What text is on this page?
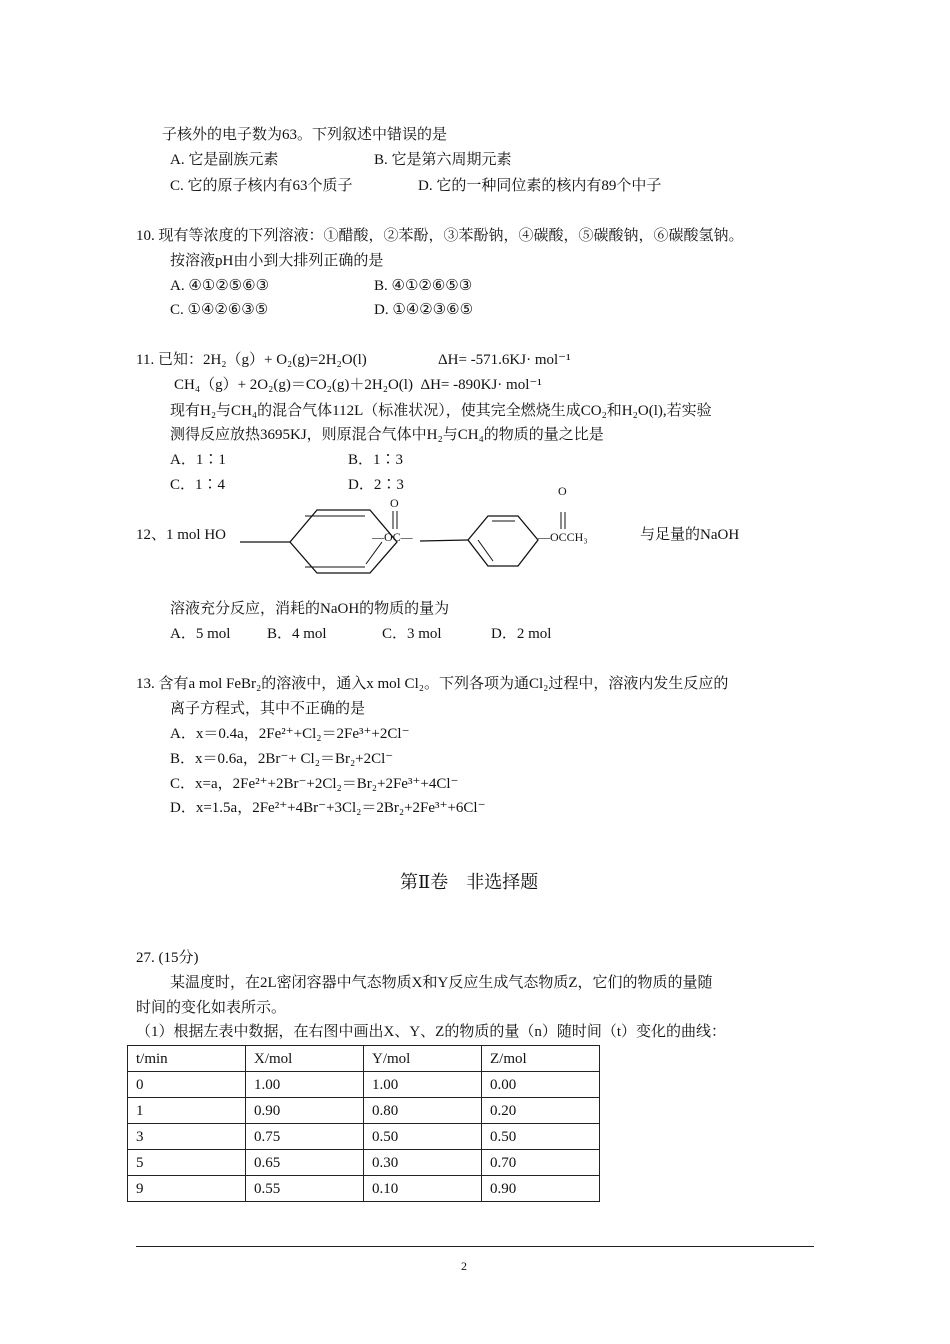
子核外的电子数为63。下列叙述中错误的是
A. 它是副族元素	B. 它是第六周期元素
C. 它的原子核内有63个质子	D. 它的一种同位素的核内有89个中子
10. 现有等浓度的下列溶液：①醋酸，②苯酚，③苯酚钠，④碳酸，⑤碳酸钠，⑥碳酸氢钠。
按溶液pH由小到大排列正确的是
A. ④①②⑤⑥③	B. ④①②⑥⑤③
C. ①④②⑥③⑤	D. ①④②③⑥⑤
11. 已知：2H₂（g）+ O₂(g)=2H₂O(l)	ΔH= -571.6KJ· mol⁻¹
CH₄（g）+ 2O₂(g)＝CO₂(g)＋2H₂O(l)  ΔH= -890KJ· mol⁻¹
现有H₂与CH₄的混合气体112L（标准状况），使其完全燃烧生成CO₂和H₂O(l),若实验
测得反应放热3695KJ，则原混合气体中H₂与CH₄的物质的量之比是
A．1∶1	B．1∶3
C．1∶4	D．2∶3
12、1 mol HO
O
O
—OC—	—OCCH₃	与足量的NaOH
溶液充分反应，消耗的NaOH的物质的量为
A．5 mol B．4 mol	C．3 mol	D．2 mol
13. 含有a mol FeBr₂的溶液中，通入x mol Cl₂。下列各项为通Cl₂过程中，溶液内发生反应的
离子方程式，其中不正确的是
A．x＝0.4a，2Fe²⁺+Cl₂＝2Fe³⁺+2Cl⁻
B．x＝0.6a，2Br⁻+ Cl₂＝Br₂+2Cl⁻
C．x=a，2Fe²⁺+2Br⁻+2Cl₂＝Br₂+2Fe³⁺+4Cl⁻
D．x=1.5a，2Fe²⁺+4Br⁻+3Cl₂＝2Br₂+2Fe³⁺+6Cl⁻
第Ⅱ卷　非选择题
27. (15分)
某温度时，在2L密闭容器中气态物质X和Y反应生成气态物质Z，它们的物质的量随
时间的变化如表所示。
（1）根据左表中数据，在右图中画出X、Y、Z的物质的量（n）随时间（t）变化的曲线：
t/min	X/mol	Y/mol	Z/mol
0	1.00	1.00	0.00
1	0.90	0.80	0.20
3	0.75	0.50	0.50
5	0.65	0.30	0.70
9	0.55	0.10	0.90
2
